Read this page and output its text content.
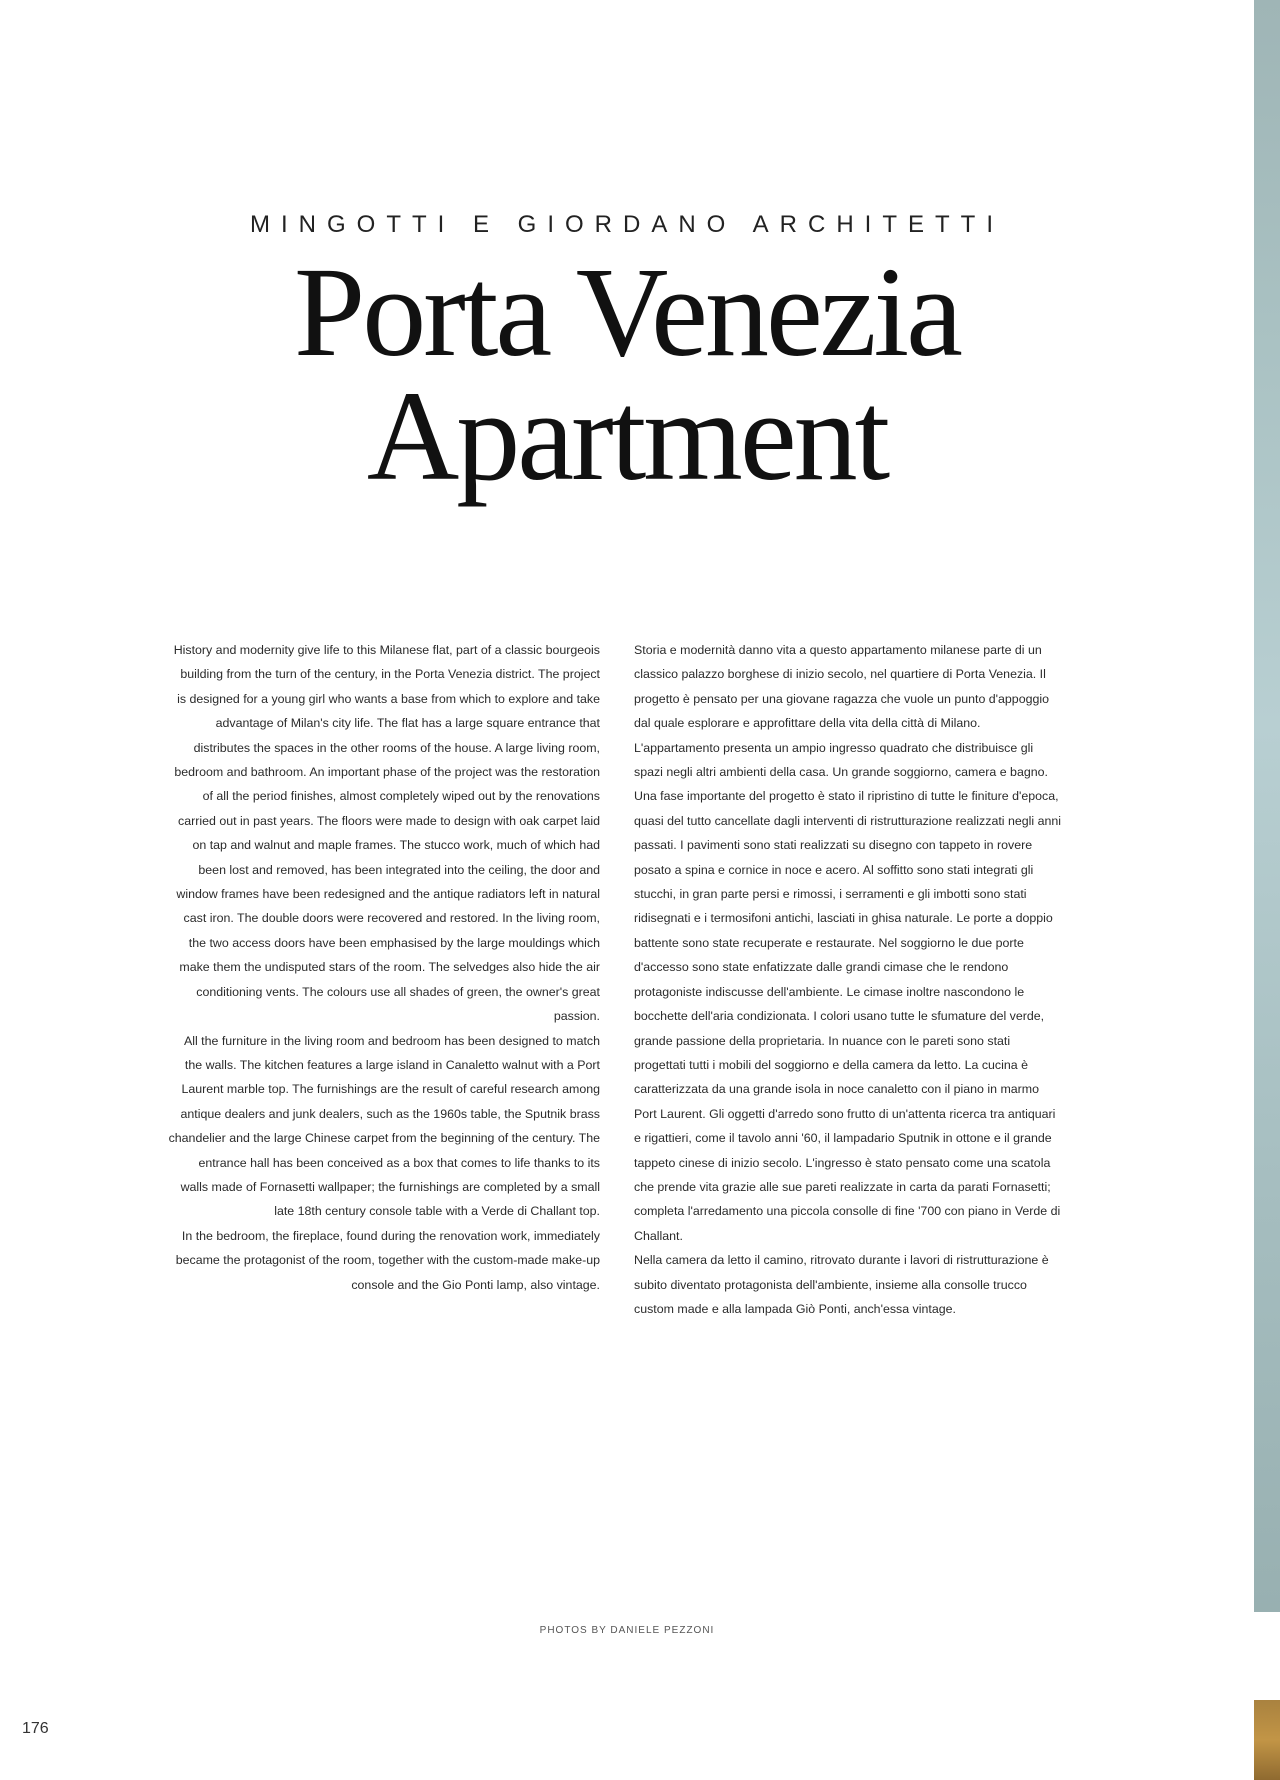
MINGOTTI E GIORDANO ARCHITETTI
Porta Venezia
Apartment

History and modernity give life to this Milanese flat, part of a classic bourgeois building from the turn of the century, in the Porta Venezia district. The project is designed for a young girl who wants a base from which to explore and take advantage of Milan's city life. The flat has a large square entrance that distributes the spaces in the other rooms of the house. A large living room, bedroom and bathroom. An important phase of the project was the restoration of all the period finishes, almost completely wiped out by the renovations carried out in past years. The floors were made to design with oak carpet laid on tap and walnut and maple frames. The stucco work, much of which had been lost and removed, has been integrated into the ceiling, the door and window frames have been redesigned and the antique radiators left in natural cast iron. The double doors were recovered and restored. In the living room, the two access doors have been emphasised by the large mouldings which make them the undisputed stars of the room. The selvedges also hide the air conditioning vents. The colours use all shades of green, the owner's great passion.

All the furniture in the living room and bedroom has been designed to match the walls. The kitchen features a large island in Canaletto walnut with a Port Laurent marble top. The furnishings are the result of careful research among antique dealers and junk dealers, such as the 1960s table, the Sputnik brass chandelier and the large Chinese carpet from the beginning of the century. The entrance hall has been conceived as a box that comes to life thanks to its walls made of Fornasetti wallpaper; the furnishings are completed by a small late 18th century console table with a Verde di Challant top.

In the bedroom, the fireplace, found during the renovation work, immediately became the protagonist of the room, together with the custom-made make-up console and the Gio Ponti lamp, also vintage.

Storia e modernità danno vita a questo appartamento milanese parte di un classico palazzo borghese di inizio secolo, nel quartiere di Porta Venezia. Il progetto è pensato per una giovane ragazza che vuole un punto d'appoggio dal quale esplorare e approfittare della vita della città di Milano. L'appartamento presenta un ampio ingresso quadrato che distribuisce gli spazi negli altri ambienti della casa. Un grande soggiorno, camera e bagno.

Una fase importante del progetto è stato il ripristino di tutte le finiture d'epoca, quasi del tutto cancellate dagli interventi di ristrutturazione realizzati negli anni passati. I pavimenti sono stati realizzati su disegno con tappeto in rovere posato a spina e cornice in noce e acero. Al soffitto sono stati integrati gli stucchi, in gran parte persi e rimossi, i serramenti e gli imbotti sono stati ridisegnati e i termosifoni antichi, lasciati in ghisa naturale. Le porte a doppio battente sono state recuperate e restaurate. Nel soggiorno le due porte d'accesso sono state enfatizzate dalle grandi cimase che le rendono protagoniste indiscusse dell'ambiente. Le cimase inoltre nascondono le bocchette dell'aria condizionata. I colori usano tutte le sfumature del verde, grande passione della proprietaria. In nuance con le pareti sono stati progettati tutti i mobili del soggiorno e della camera da letto. La cucina è caratterizzata da una grande isola in noce canaletto con il piano in marmo Port Laurent. Gli oggetti d'arredo sono frutto di un'attenta ricerca tra antiquari e rigattieri, come il tavolo anni '60, il lampadario Sputnik in ottone e il grande tappeto cinese di inizio secolo. L'ingresso è stato pensato come una scatola che prende vita grazie alle sue pareti realizzate in carta da parati Fornasetti; completa l'arredamento una piccola consolle di fine '700 con piano in Verde di Challant.

Nella camera da letto il camino, ritrovato durante i lavori di ristrutturazione è subito diventato protagonista dell'ambiente, insieme alla consolle trucco custom made e alla lampada Giò Ponti, anch'essa vintage.

PHOTOS BY DANIELE PEZZONI
176
